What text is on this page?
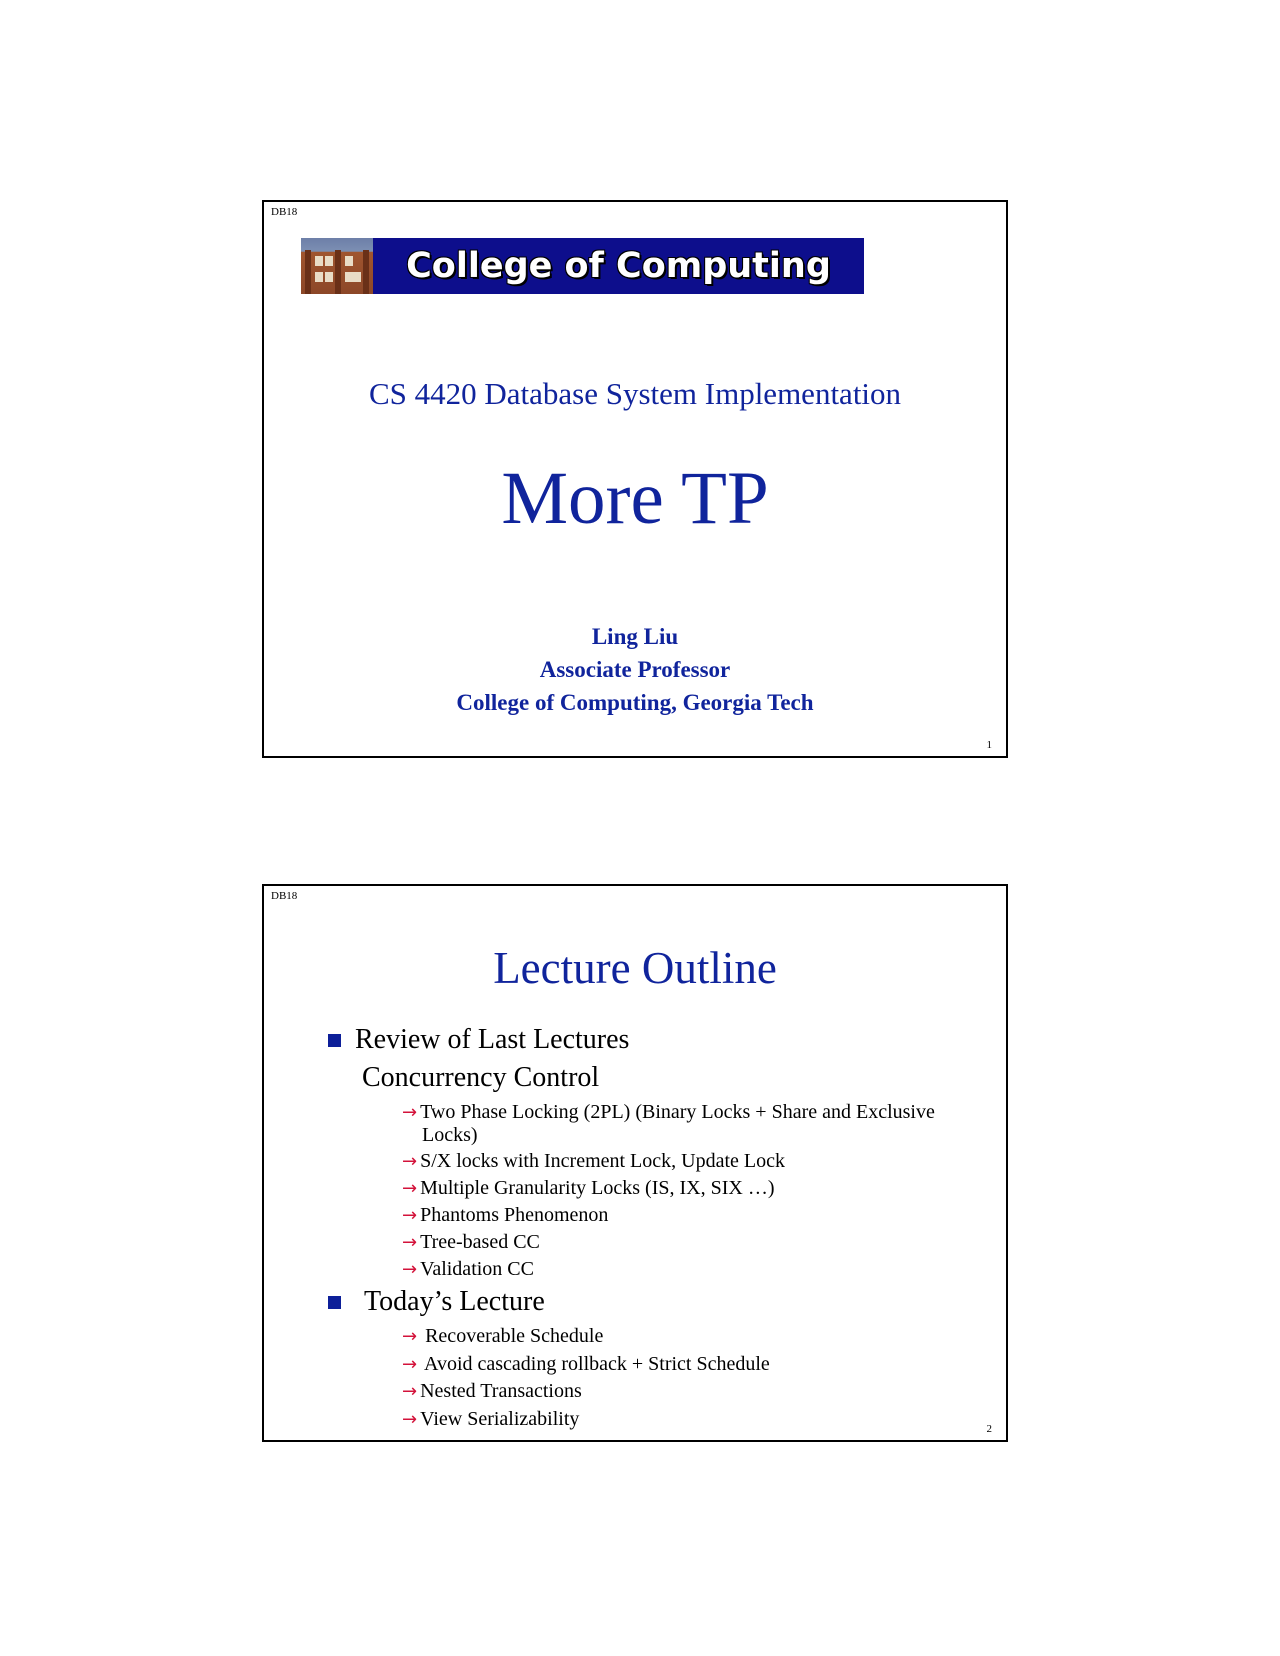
DB18
College of Computing
CS 4420 Database System Implementation
More TP
Ling Liu
Associate Professor
College of Computing, Georgia Tech
1
DB18
Lecture Outline
Review of Last Lectures
Concurrency Control
→ Two Phase Locking (2PL) (Binary Locks + Share and Exclusive
Locks)
→ S/X locks with Increment Lock, Update Lock
→ Multiple Granularity Locks (IS, IX, SIX …)
→ Phantoms Phenomenon
→ Tree-based CC
→ Validation CC
Today’s Lecture
→ Recoverable Schedule
→ Avoid cascading rollback + Strict Schedule
→ Nested Transactions
→ View Serializability	2
